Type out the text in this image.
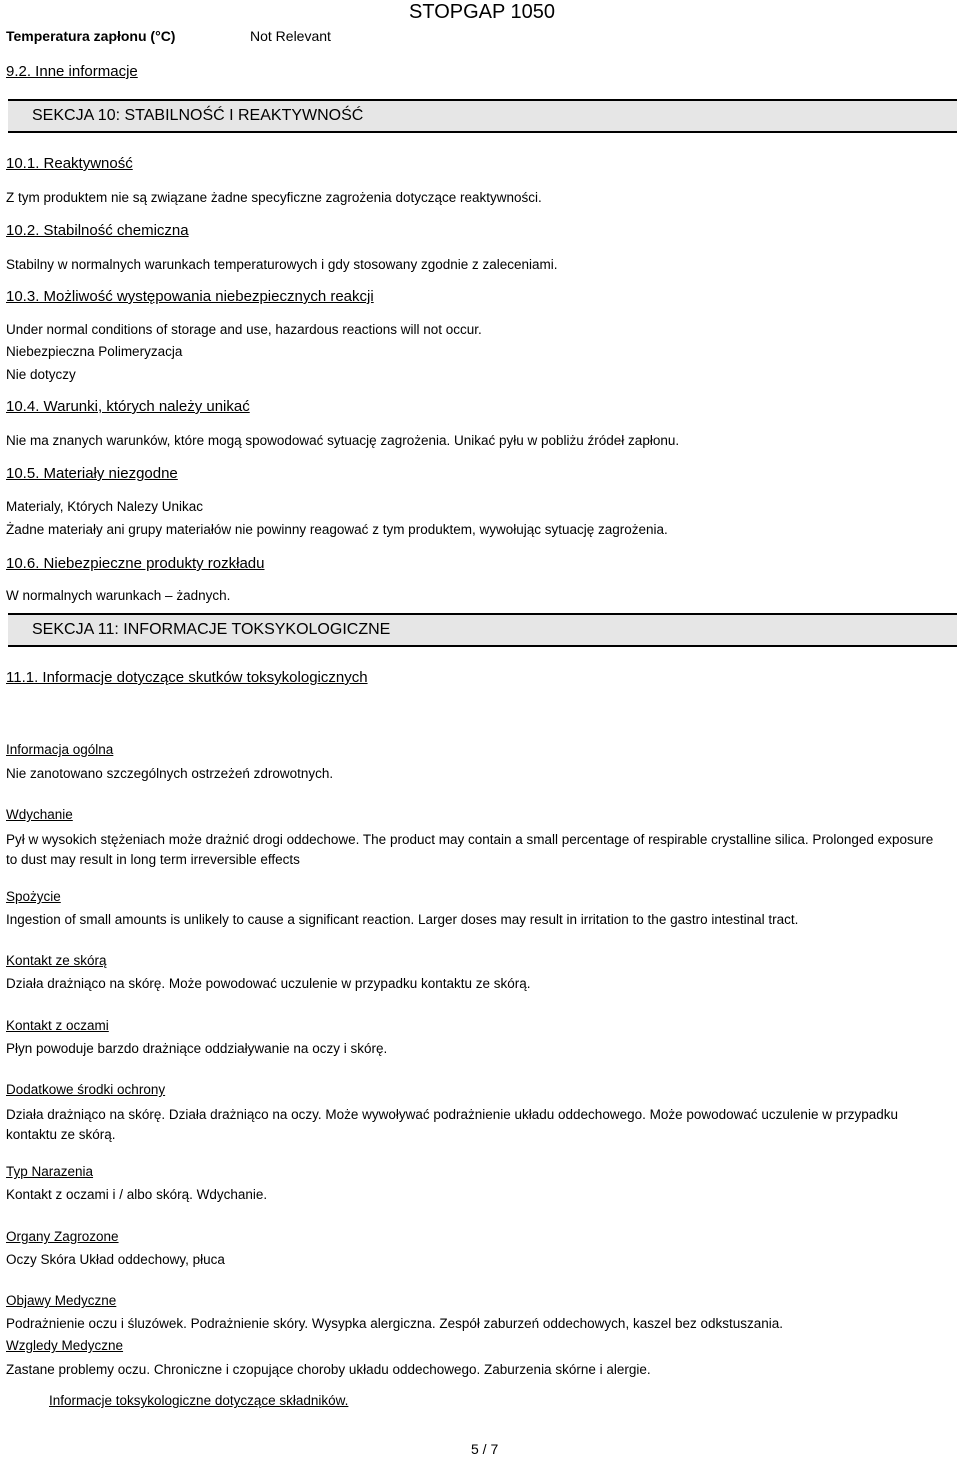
Temperatura zapłonu (°C)	Not Relevant
STOPGAP 1050
9.2. Inne informacje
SEKCJA 10: STABILNOŚĆ I REAKTYWNOŚĆ
10.1. Reaktywność
Z tym produktem nie są związane żadne specyficzne zagrożenia dotyczące reaktywności.
10.2. Stabilność chemiczna
Stabilny w normalnych warunkach temperaturowych i gdy stosowany zgodnie z zaleceniami.
10.3. Możliwość występowania niebezpiecznych reakcji
Under normal conditions of storage and use, hazardous reactions will not occur.
Niebezpieczna Polimeryzacja
Nie dotyczy
10.4. Warunki, których należy unikać
Nie ma znanych warunków, które mogą spowodować sytuację zagrożenia. Unikać pyłu w pobliżu źródeł zapłonu.
10.5. Materiały niezgodne
Materialy, Których Nalezy Unikac
Żadne materiały ani grupy materiałów nie powinny reagować z tym produktem, wywołując sytuację zagrożenia.
10.6. Niebezpieczne produkty rozkładu
W normalnych warunkach – żadnych.
SEKCJA 11: INFORMACJE TOKSYKOLOGICZNE
11.1. Informacje dotyczące skutków toksykologicznych
Informacja ogólna
Nie zanotowano szczególnych ostrzeżeń zdrowotnych.
Wdychanie
Pył w wysokich stężeniach może drażnić drogi oddechowe. The product may contain a small percentage of respirable crystalline silica. Prolonged exposure to dust may result in long term irreversible effects
Spożycie
Ingestion of small amounts is unlikely to cause a significant reaction. Larger doses may result in irritation to the gastro intestinal tract.
Kontakt ze skórą
Działa drażniąco na skórę. Może powodować uczulenie w przypadku kontaktu ze skórą.
Kontakt z oczami
Płyn powoduje barzdo drażniące oddziaływanie na oczy i skórę.
Dodatkowe środki ochrony
Działa drażniąco na skórę. Działa drażniąco na oczy. Może wywoływać podrażnienie układu oddechowego. Może powodować uczulenie w przypadku kontaktu ze skórą.
Typ Narazenia
Kontakt z oczami i / albo skórą. Wdychanie.
Organy Zagrozone
Oczy Skóra Układ oddechowy, płuca
Objawy Medyczne
Podrażnienie oczu i śluzówek. Podrażnienie skóry. Wysypka alergiczna. Zespół zaburzeń oddechowych, kaszel bez odkstuszania.
Wzgledy Medyczne
Zastane problemy oczu. Chroniczne i czopujące choroby układu oddechowego. Zaburzenia skórne i alergie.
Informacje toksykologiczne dotyczące składników.
5 / 7
